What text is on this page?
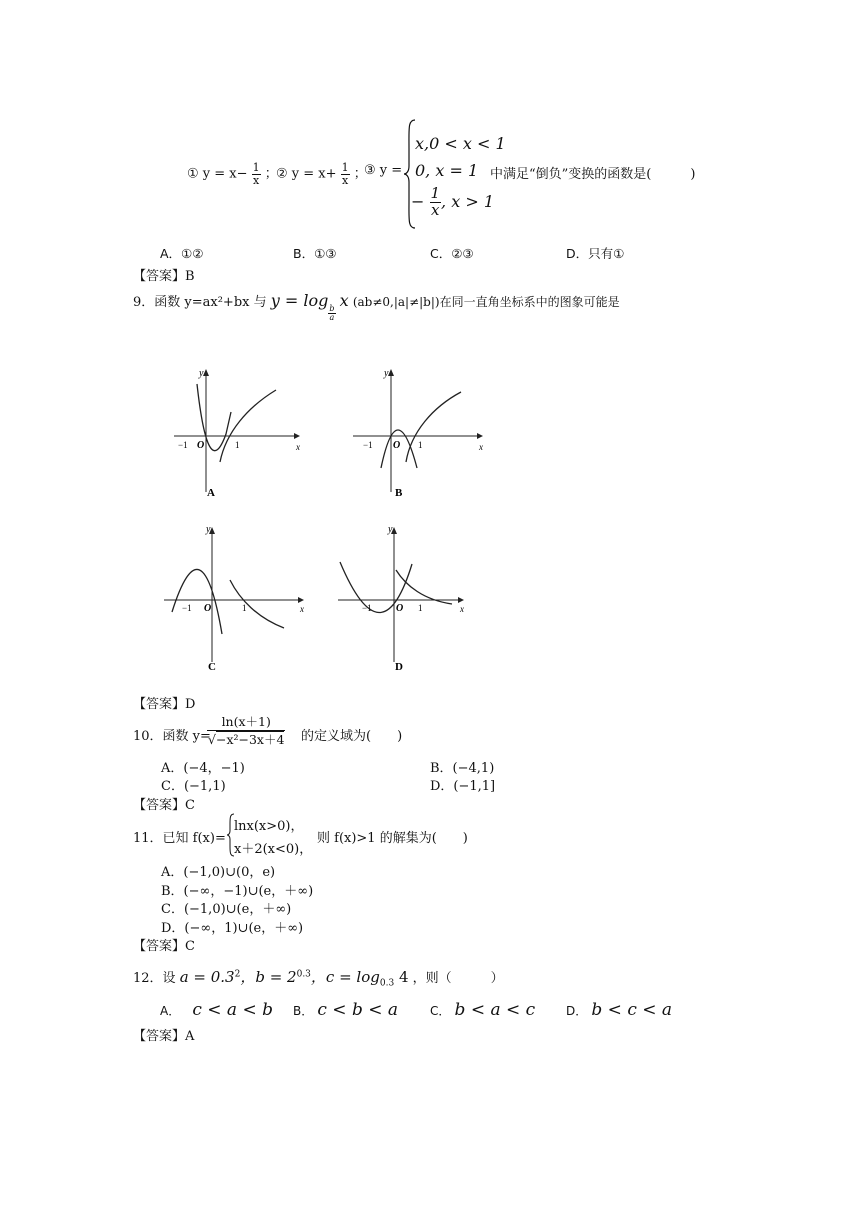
① $y = x- \frac{1}{x}$ ；
② $y = x+ \frac{1}{x}$ ；
③ y =
x,0 < x < 1
0, x = 1
− $\frac{1}{x}$ , x > 1
中满足“倒负”变换的函数是(　　　)
A．①②	B．①③	C．②③	D．只有①
【答案】B
9．函数 y=ax²+bx 与 y = log
$\frac{b}{a}$
x (ab≠0,|a|≠|b|)在同一直角坐标系中的图象可能是
y
x
O
−1	1
A
y
x
O
−1	1
B
y
x
O
−1	1
C
y
x
O
−1	1
D
【答案】D
10．函数 y=
$\frac{\ln(x+1)}{\text{√−x²−3x＋4}}$ 的定义域为(　　)
A．(−4，−1)	B．(−4,1)
C．(−1,1)	D．(−1,1]
【答案】C
11．已知 f(x)=
lnx(x>0)，
x＋2(x<0)，
则 f(x)>1 的解集为(　　)
A．(−1,0)∪(0，e)
B．(−∞，−1)∪(e，＋∞)
C．(−1,0)∪(e，＋∞)
D．(−∞，1)∪(e，＋∞)
【答案】C
12．设 $a = 0.3^2$，$b = 2^{0.3}$，$c = \log_{0.3} 4$ ，则（　　　）
A． c < a < b B． c < b < a	C． b < a < c	D． b < c < a
【答案】A
